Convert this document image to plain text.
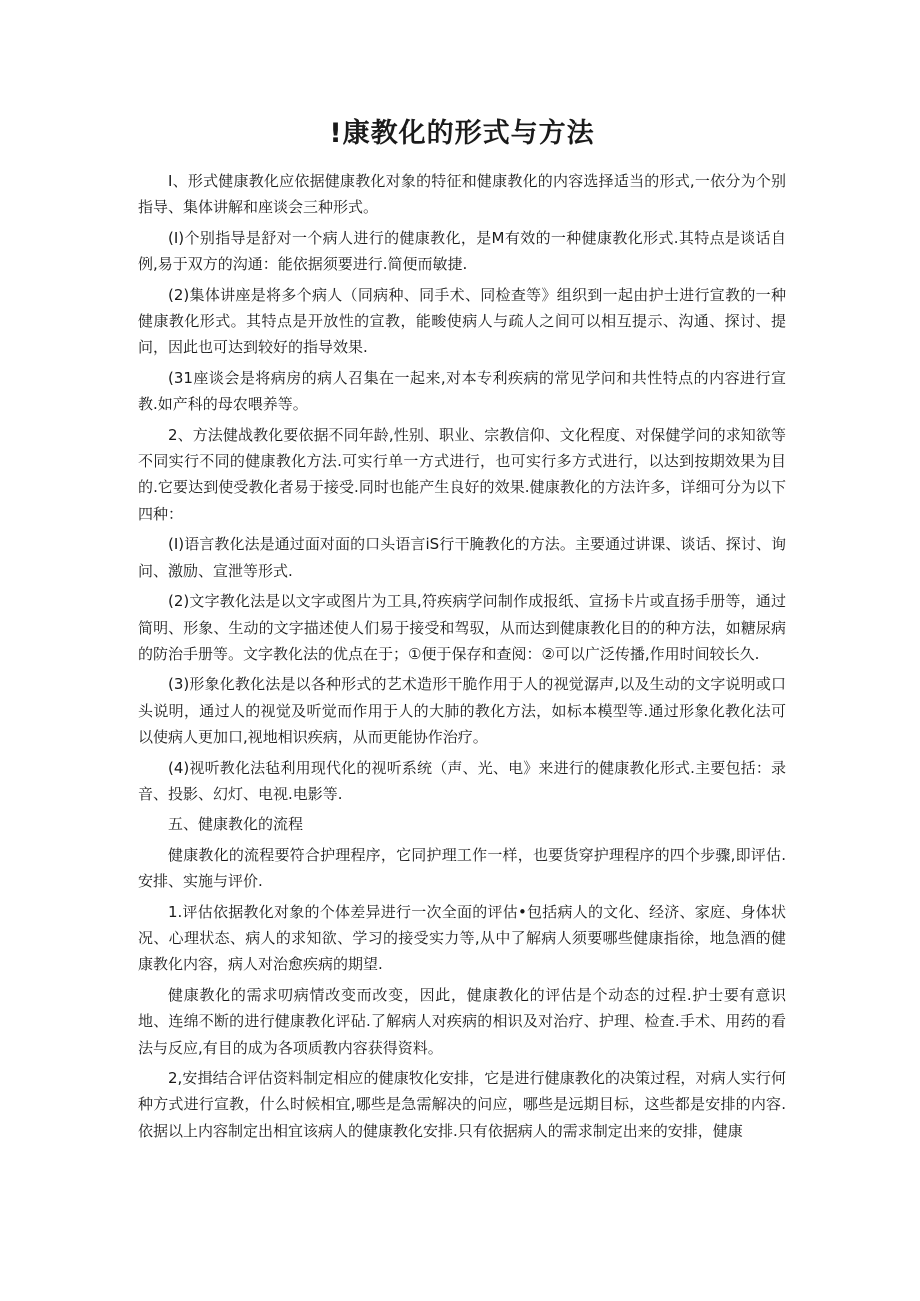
!康教化的形式与方法

I、形式健康教化应依据健康教化对象的特征和健康教化的内容选择适当的形式,一依分为个别指导、集体讲解和座谈会三种形式。

(I)个别指导是舒对一个病人进行的健康教化，是M有效的一种健康教化形式.其特点是谈话自例,易于双方的沟通：能依据须要进行.简便而敏捷.

(2)集体讲座是将多个病人（同病种、同手术、同检查等》组织到一起由护士进行宣教的一种健康教化形式。其特点是开放性的宣教，能畯使病人与疏人之间可以相互提示、沟通、探讨、提问，因此也可达到较好的指导效果.

(31座谈会是将病房的病人召集在一起来,对本专利疾病的常见学问和共性特点的内容进行宣教.如产科的母农喂养等。

2、方法健战教化要依据不同年龄,性别、职业、宗教信仰、文化程度、对保健学问的求知欲等不同实行不同的健康教化方法.可实行单一方式进行，也可实行多方式进行，以达到按期效果为目的.它要达到使受教化者易于接受.同时也能产生良好的效果.健康教化的方法许多，详细可分为以下四种：

(I)语言教化法是通过面对面的口头语言iS行干腌教化的方法。主要通过讲课、谈话、探讨、询问、激励、宣泄等形式.

(2)文字教化法是以文字或图片为工具,符疾病学问制作成报纸、宣扬卡片或直扬手册等，通过简明、形象、生动的文字描述使人们易于接受和驾驭，从而达到健康教化目的的种方法，如糖尿病的防治手册等。文字教化法的优点在于；①便于保存和查阅：②可以广泛传播,作用时间较长久.

(3)形象化教化法是以各种形式的艺术造形干脆作用于人的视觉潺声,以及生动的文字说明或口头说明，通过人的视觉及听觉而作用于人的大肺的教化方法，如标本模型等.通过形象化教化法可以使病人更加口,视地相识疾病，从而更能协作治疗。

(4)视听教化法毡利用现代化的视听系统（声、光、电》来进行的健康教化形式.主要包括：录音、投影、幻灯、电视.电影等.

五、健康教化的流程

健康教化的流程要符合护理程序，它同护理工作一样，也要货穿护理程序的四个步骤,即评估.安排、实施与评价.

1.评估依据教化对象的个体差异进行一次全面的评估•包括病人的文化、经济、家庭、身体状况、心理状态、病人的求知欲、学习的接受实力等,从中了解病人须要哪些健康指徐，地急酒的健康教化内容，病人对治愈疾病的期望.

健康教化的需求叨病情改变而改变，因此，健康教化的评估是个动态的过程.护士要有意识地、连绵不断的进行健康教化评砧.了解病人对疾病的相识及对治疗、护理、检查.手术、用药的看法与反应,有目的成为各项质教内容获得资料。

2,安揖结合评估资料制定相应的健康牧化安排，它是进行健康教化的决策过程，对病人实行何种方式进行宣教，什么时候相宜,哪些是急需解决的问应，哪些是远期目标，这些都是安排的内容.依据以上内容制定出相宜该病人的健康教化安排.只有依据病人的需求制定出来的安排，健康
